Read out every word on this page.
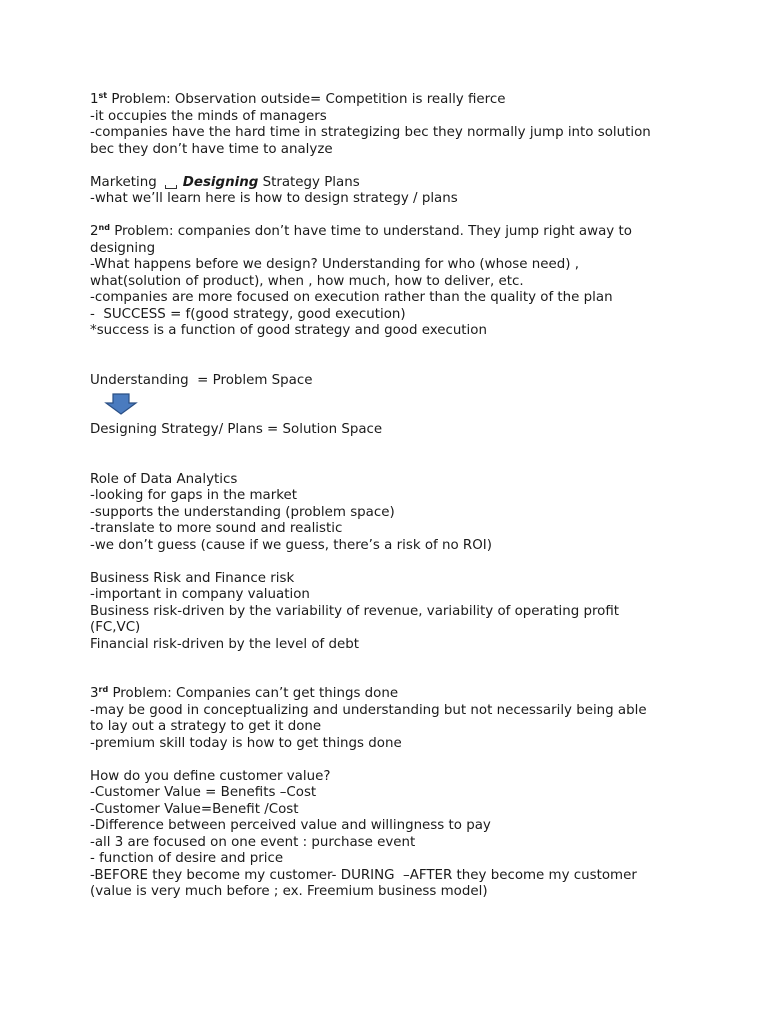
1st Problem: Observation outside= Competition is really fierce
-it occupies the minds of managers
-companies have the hard time in strategizing bec they normally jump into solution
bec they don’t have time to analyze
Marketing Designing Strategy Plans
-what we’ll learn here is how to design strategy / plans
2nd Problem: companies don’t have time to understand. They jump right away to
designing
-What happens before we design? Understanding for who (whose need) ,
what(solution of product), when , how much, how to deliver, etc.
-companies are more focused on execution rather than the quality of the plan
-  SUCCESS = f(good strategy, good execution)
*success is a function of good strategy and good execution
Understanding  = Problem Space
Designing Strategy/ Plans = Solution Space
Role of Data Analytics
-looking for gaps in the market
-supports the understanding (problem space)
-translate to more sound and realistic
-we don’t guess (cause if we guess, there’s a risk of no ROI)
Business Risk and Finance risk
-important in company valuation
Business risk-driven by the variability of revenue, variability of operating profit
(FC,VC)
Financial risk-driven by the level of debt
3rd Problem: Companies can’t get things done
-may be good in conceptualizing and understanding but not necessarily being able
to lay out a strategy to get it done
-premium skill today is how to get things done
How do you define customer value?
-Customer Value = Benefits –Cost
-Customer Value=Benefit /Cost
-Difference between perceived value and willingness to pay
-all 3 are focused on one event : purchase event
- function of desire and price
-BEFORE they become my customer- DURING  –AFTER they become my customer
(value is very much before ; ex. Freemium business model)
